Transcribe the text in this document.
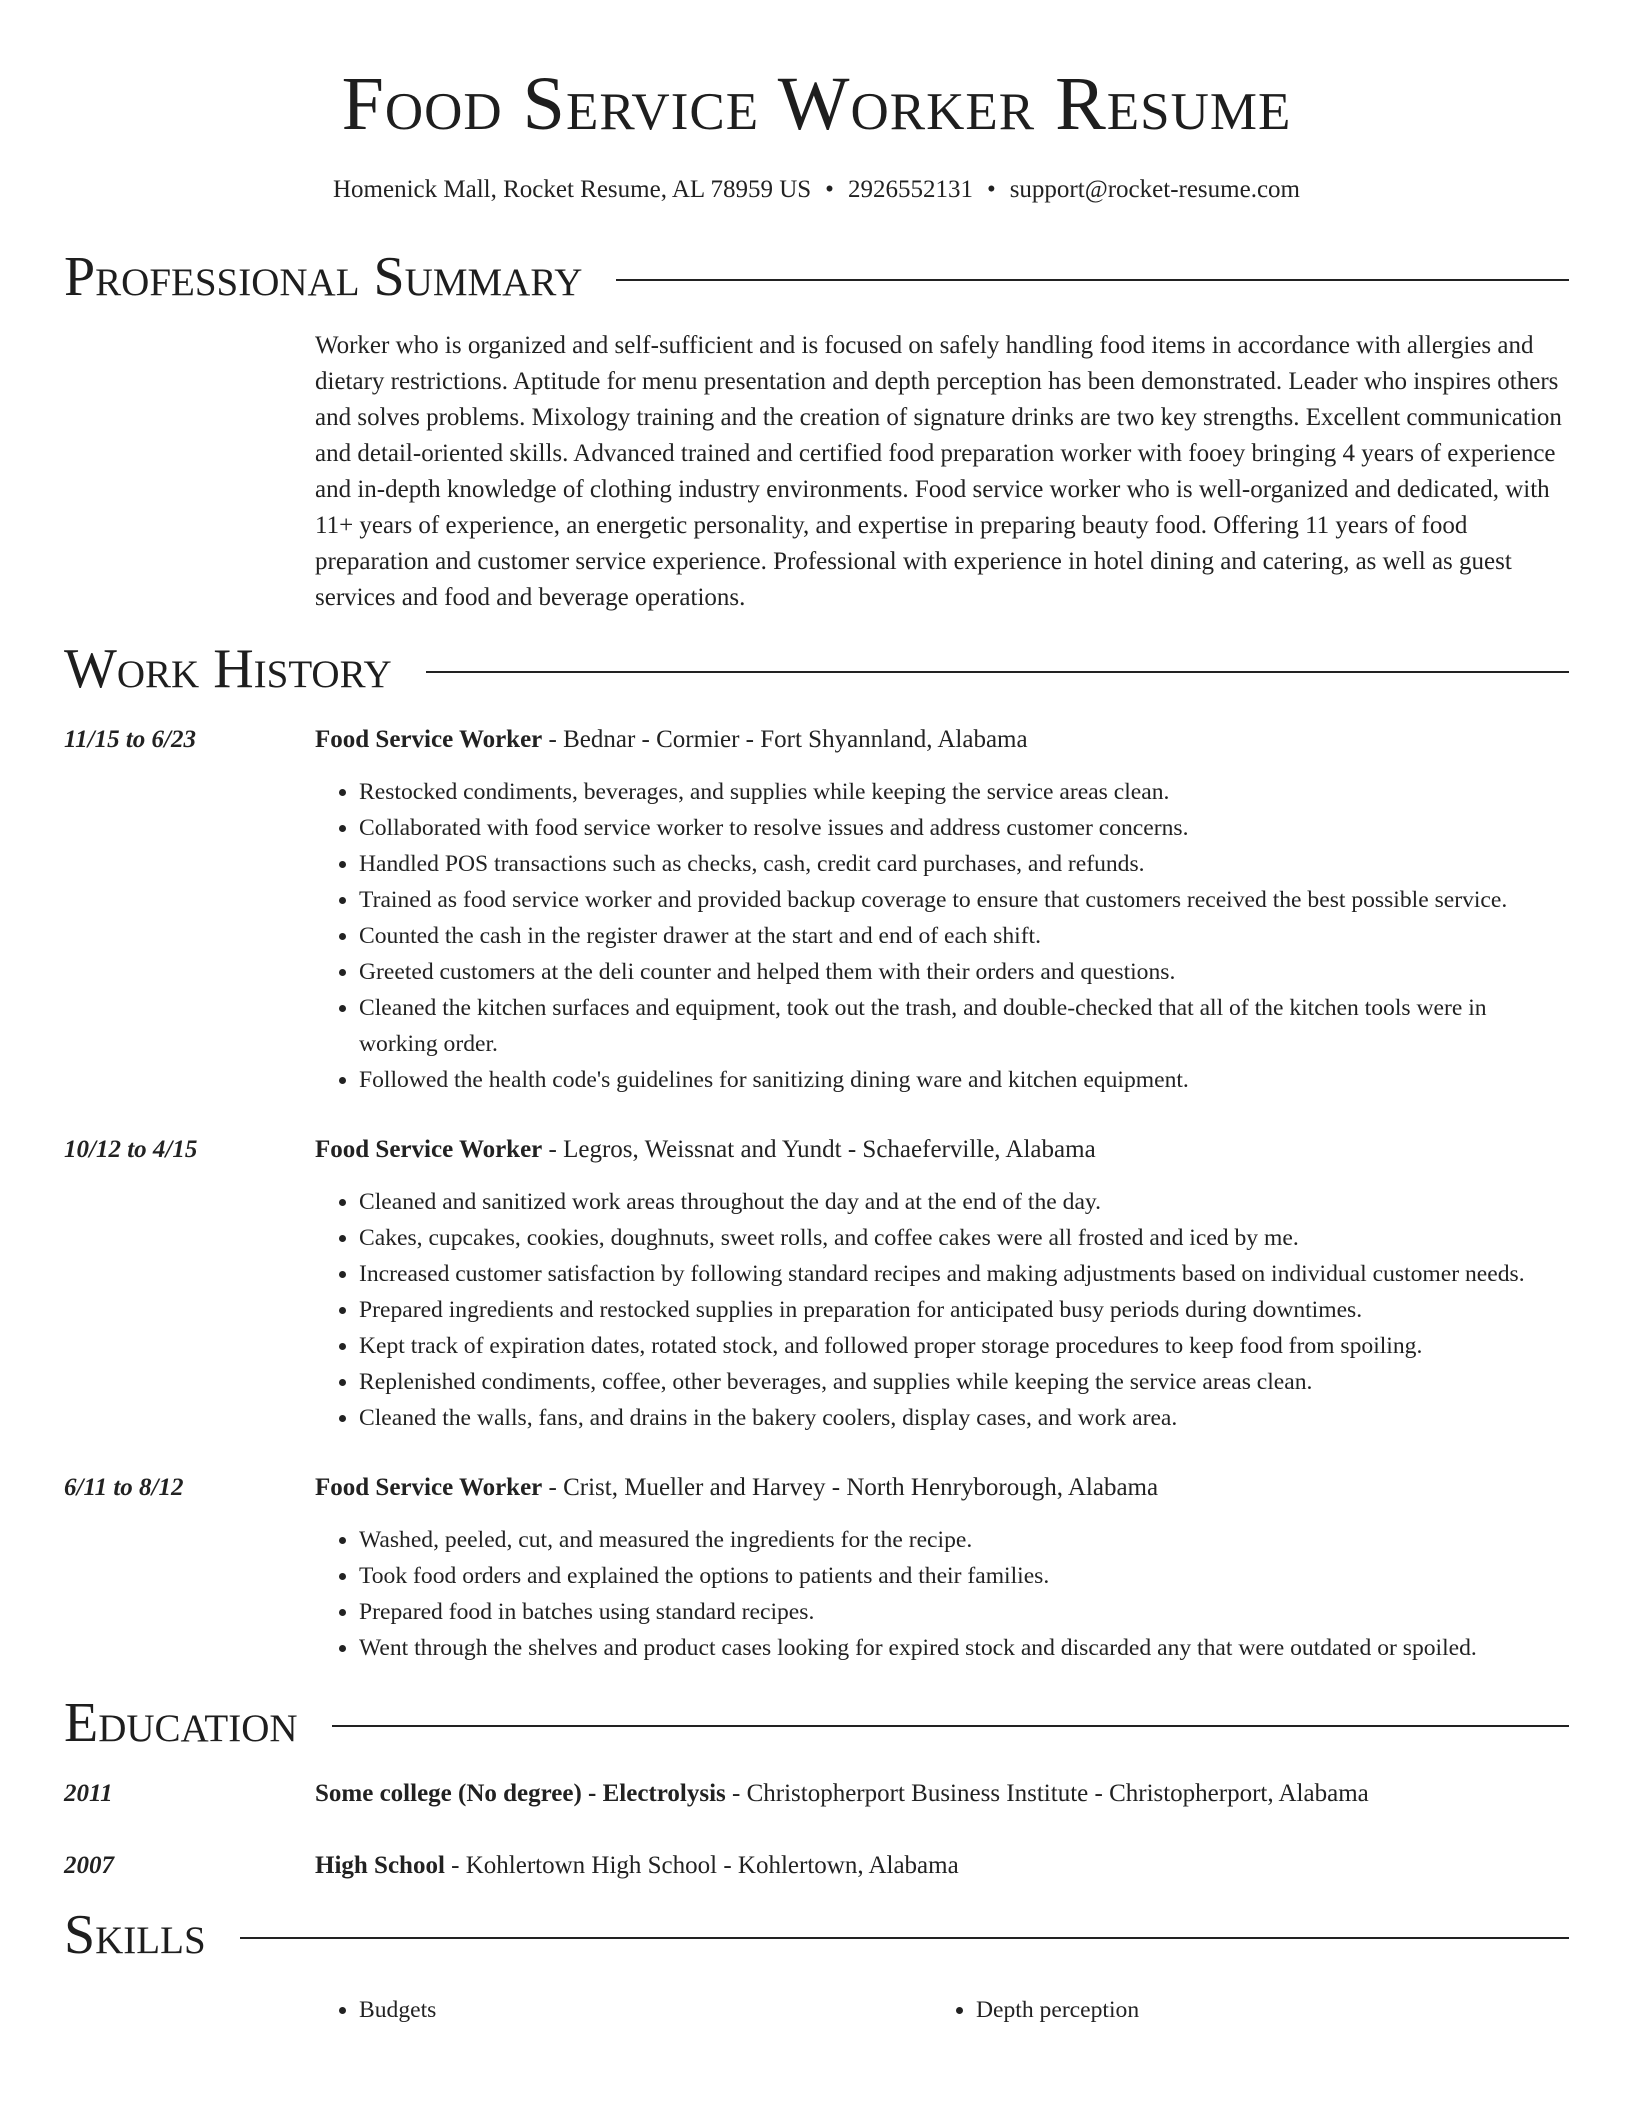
Food Service Worker Resume
Homenick Mall, Rocket Resume, AL 78959 US • 2926552131 • support@rocket-resume.com
Professional Summary
Worker who is organized and self-sufficient and is focused on safely handling food items in accordance with allergies and dietary restrictions. Aptitude for menu presentation and depth perception has been demonstrated. Leader who inspires others and solves problems. Mixology training and the creation of signature drinks are two key strengths. Excellent communication and detail-oriented skills. Advanced trained and certified food preparation worker with fooey bringing 4 years of experience and in-depth knowledge of clothing industry environments. Food service worker who is well-organized and dedicated, with 11+ years of experience, an energetic personality, and expertise in preparing beauty food. Offering 11 years of food preparation and customer service experience. Professional with experience in hotel dining and catering, as well as guest services and food and beverage operations.
Work History
11/15 to 6/23	Food Service Worker - Bednar - Cormier - Fort Shyannland, Alabama
• Restocked condiments, beverages, and supplies while keeping the service areas clean.
• Collaborated with food service worker to resolve issues and address customer concerns.
• Handled POS transactions such as checks, cash, credit card purchases, and refunds.
• Trained as food service worker and provided backup coverage to ensure that customers received the best possible service.
• Counted the cash in the register drawer at the start and end of each shift.
• Greeted customers at the deli counter and helped them with their orders and questions.
• Cleaned the kitchen surfaces and equipment, took out the trash, and double-checked that all of the kitchen tools were in working order.
• Followed the health code's guidelines for sanitizing dining ware and kitchen equipment.
10/12 to 4/15	Food Service Worker - Legros, Weissnat and Yundt - Schaeferville, Alabama
• Cleaned and sanitized work areas throughout the day and at the end of the day.
• Cakes, cupcakes, cookies, doughnuts, sweet rolls, and coffee cakes were all frosted and iced by me.
• Increased customer satisfaction by following standard recipes and making adjustments based on individual customer needs.
• Prepared ingredients and restocked supplies in preparation for anticipated busy periods during downtimes.
• Kept track of expiration dates, rotated stock, and followed proper storage procedures to keep food from spoiling.
• Replenished condiments, coffee, other beverages, and supplies while keeping the service areas clean.
• Cleaned the walls, fans, and drains in the bakery coolers, display cases, and work area.
6/11 to 8/12	Food Service Worker - Crist, Mueller and Harvey - North Henryborough, Alabama
• Washed, peeled, cut, and measured the ingredients for the recipe.
• Took food orders and explained the options to patients and their families.
• Prepared food in batches using standard recipes.
• Went through the shelves and product cases looking for expired stock and discarded any that were outdated or spoiled.
Education
2011	Some college (No degree) - Electrolysis - Christopherport Business Institute - Christopherport, Alabama
2007	High School - Kohlertown High School - Kohlertown, Alabama
Skills
• Budgets
•	Depth perception
